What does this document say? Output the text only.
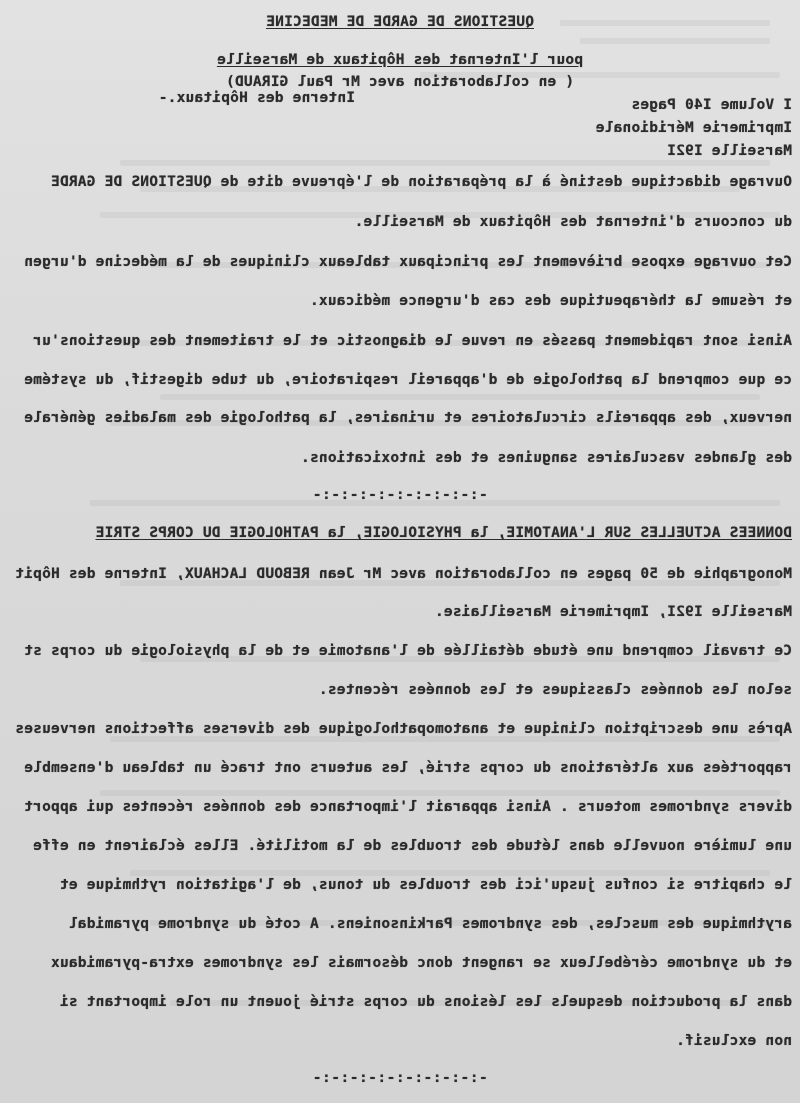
QUESTIONS DE GARDE DE MEDECINE
pour l'Internat des Hôpitaux de Marseille
( en collaboration avec Mr Paul GIRAUD)
I Volume I40 Pages
Interne des Hôpitaux.-
Imprimerie Méridionale
Marseille I92I
Ouvrage didactique destiné à la préparation de l'épreuve dite de QUESTIONS DE GARDE
du concours d'internat des Hôpitaux de Marseille.
Cet ouvrage expose brièvement les principaux tableaux cliniques de la médecine d'urgen
et résume la thérapeutique des cas d'urgence médicaux.
Ainsi sont rapidement passés en revue le diagnostic et le traitement des questions'ur
ce que comprend la pathologie de d'appareil respiratoire, du tube digestif, du systéme
nerveux, des appareils circulatoires et urinaires, la pathologie des maladies générale
des glandes vasculaires sanguines et des intoxications.
-:-:-:-:-:-:-:-:-:-
DONNEES ACTUELLES SUR L'ANATOMIE, la PHYSIOLOGIE, la PATHOLOGIE DU CORPS STRIE
Monographie de 50 pages en collaboration avec Mr Jean REBOUD LACHAUX, Interne des Hôpit
Marseille I92I, Imprimerie Marseillaise.
Ce travail comprend une étude détaillée de l'anatomie et de la physiologie du corps st
selon les données classiques et les données récentes.
Après une description clinique et anatomopathologique des diverses affections nerveuses
rapportées aux altérations du corps strié, les auteurs ont tracé un tableau d'ensemble
divers syndromes moteurs . Ainsi apparait l'importance des données récentes qui apport
une lumière nouvelle dans létude des troubles de la motilité. Elles éclairent en effe
le chapitre si confus jusqu'ici des troubles du tonus, de l'agitation rythmique et
arythmique des muscles, des syndromes Parkinsoniens. A coté du syndrome pyramidal
et du syndrome cérébelleux se rangent donc désormais les syndromes extra-pyramidaux
dans la production desquels les lésions du corps strié jouent un role important si
non exclusif.
-:-:-:-:-:-:-:-:-:-
